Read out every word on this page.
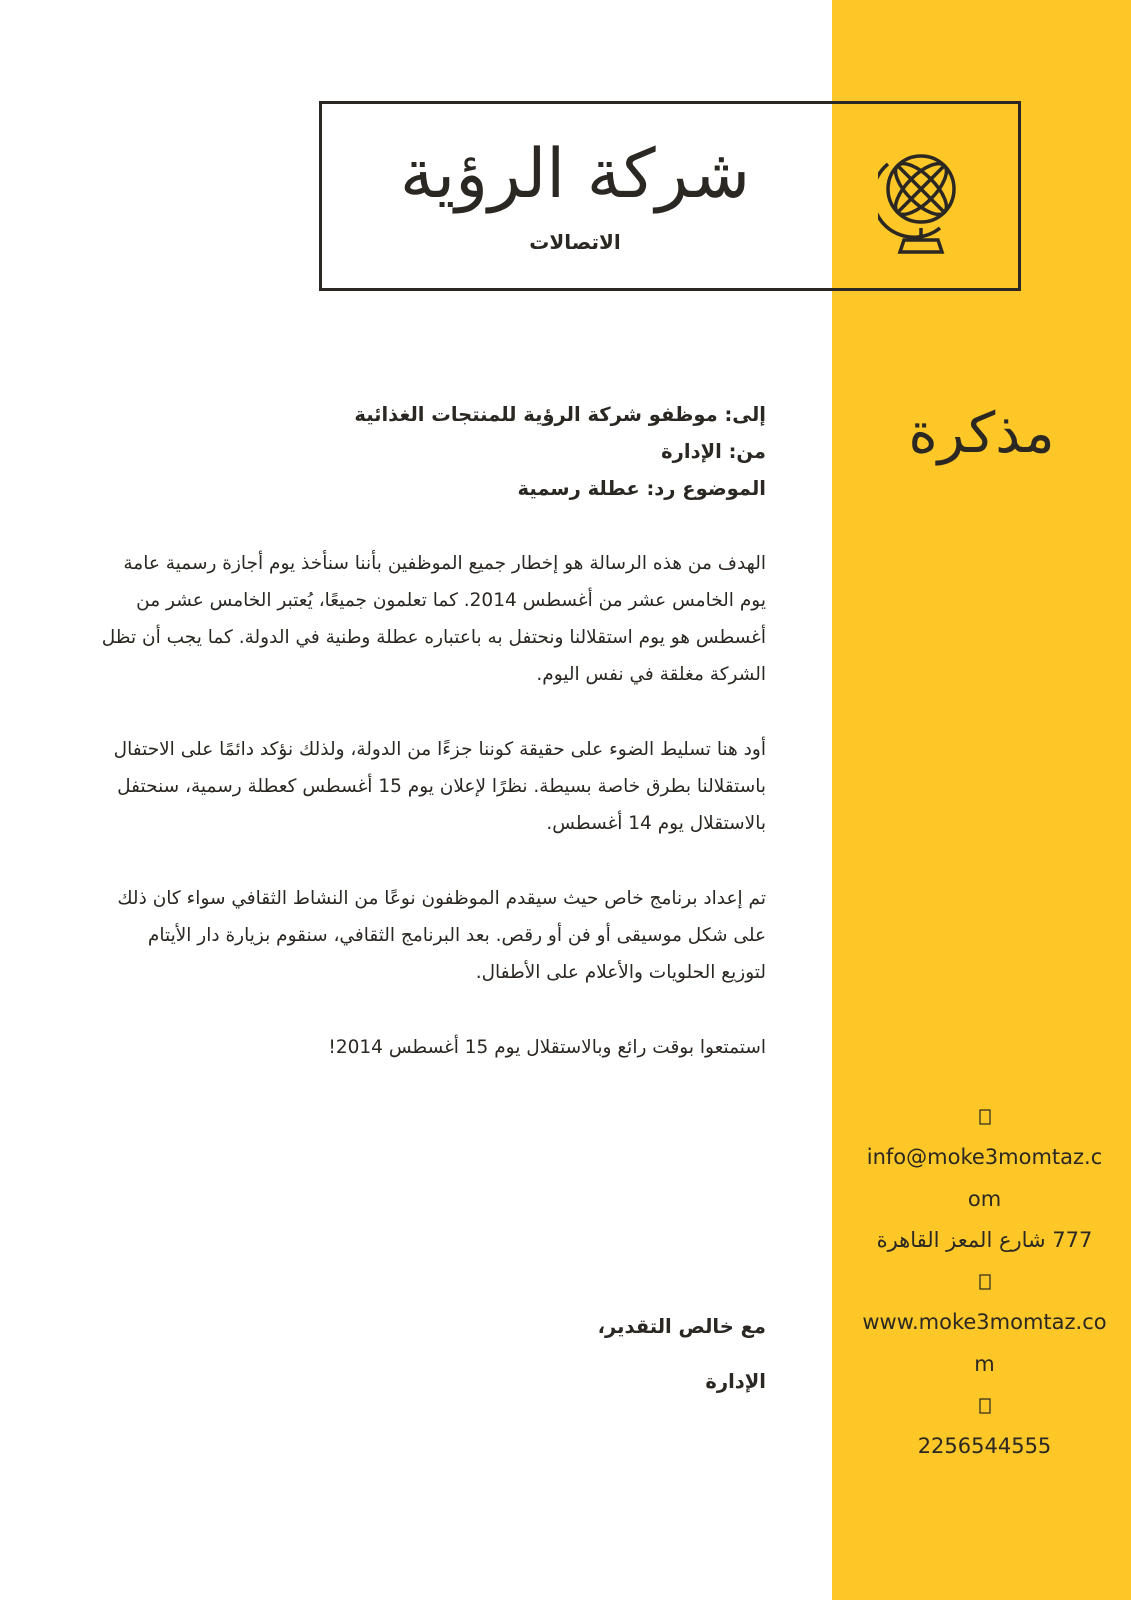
شركة الرؤية
الاتصالات
مذكرة
إلى: موظفو شركة الرؤية للمنتجات الغذائية
من: الإدارة
الموضوع رد: عطلة رسمية

الهدف من هذه الرسالة هو إخطار جميع الموظفين بأننا سنأخذ يوم أجازة رسمية عامة يوم الخامس عشر من أغسطس 2014. كما تعلمون جميعًا، يُعتبر الخامس عشر من أغسطس هو يوم استقلالنا ونحتفل به باعتباره عطلة وطنية في الدولة. كما يجب أن تظل الشركة مغلقة في نفس اليوم.

أود هنا تسليط الضوء على حقيقة كوننا جزءًا من الدولة، ولذلك نؤكد دائمًا على الاحتفال باستقلالنا بطرق خاصة بسيطة. نظرًا لإعلان يوم 15 أغسطس كعطلة رسمية، سنحتفل بالاستقلال يوم 14 أغسطس.

تم إعداد برنامج خاص حيث سيقدم الموظفون نوعًا من النشاط الثقافي سواء كان ذلك على شكل موسيقى أو فن أو رقص. بعد البرنامج الثقافي، سنقوم بزيارة دار الأيتام لتوزيع الحلويات والأعلام على الأطفال.

استمتعوا بوقت رائع وبالاستقلال يوم 15 أغسطس 2014!

مع خالص التقدير،
الإدارة
info@moke3momtaz.com
777 شارع المعز القاهرة
www.moke3momtaz.com
2256544555
